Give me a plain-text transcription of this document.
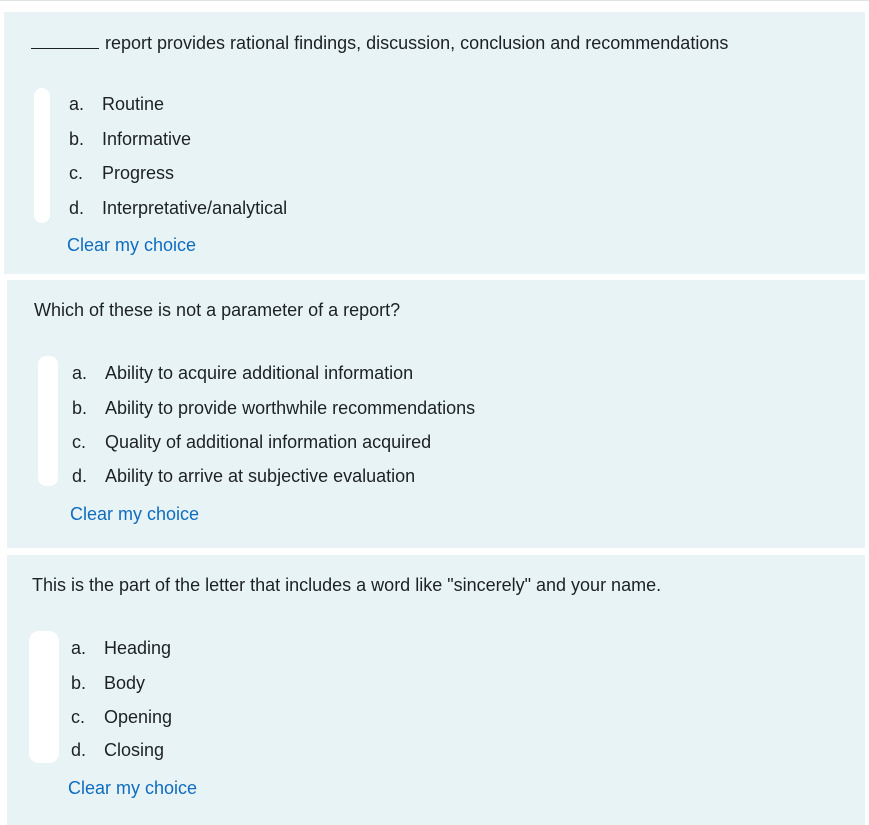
report provides rational findings, discussion, conclusion and recommendations
a. Routine
b. Informative
c. Progress
d. Interpretative/analytical
Clear my choice
Which of these is not a parameter of a report?
a. Ability to acquire additional information
b. Ability to provide worthwhile recommendations
c. Quality of additional information acquired
d. Ability to arrive at subjective evaluation
Clear my choice
This is the part of the letter that includes a word like "sincerely" and your name.
a. Heading
b. Body
c. Opening
d. Closing
Clear my choice
